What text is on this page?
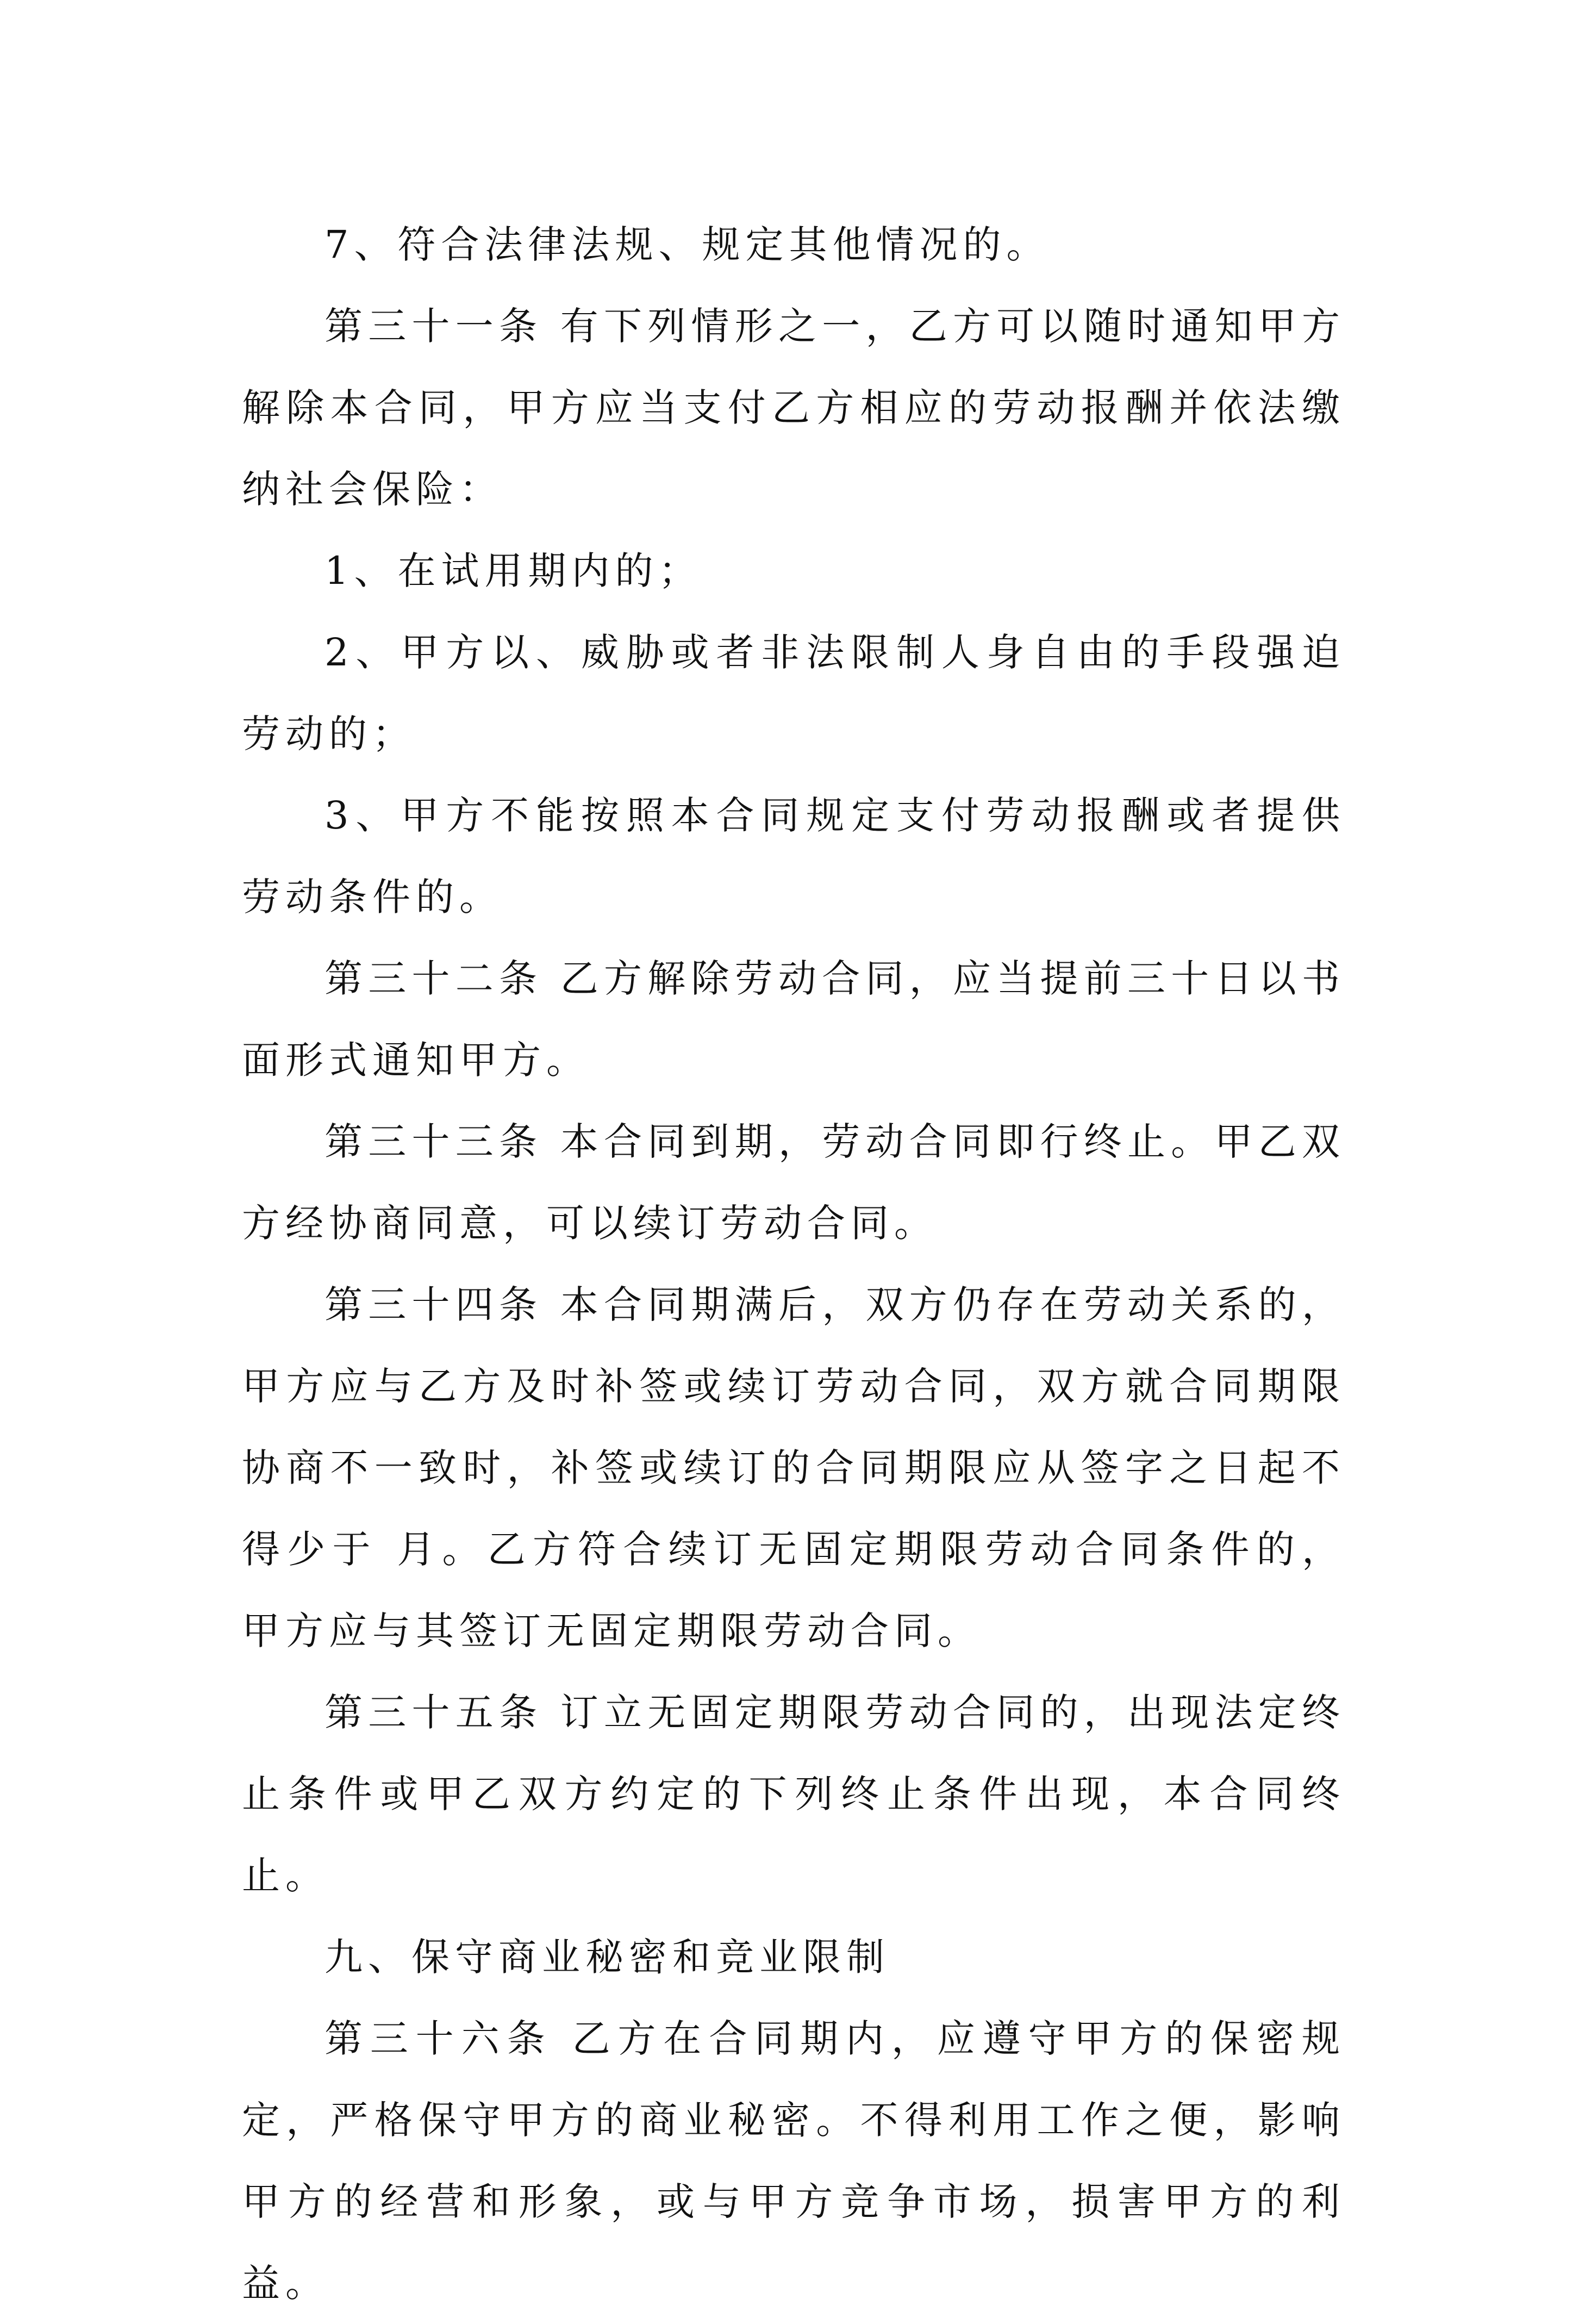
7、符合法律法规、规定其他情况的。

第三十一条 有下列情形之一，乙方可以随时通知甲方解除本合同，甲方应当支付乙方相应的劳动报酬并依法缴纳社会保险：

1、在试用期内的；

2、甲方以、威胁或者非法限制人身自由的手段强迫劳动的；

3、甲方不能按照本合同规定支付劳动报酬或者提供劳动条件的。

第三十二条 乙方解除劳动合同，应当提前三十日以书面形式通知甲方。

第三十三条 本合同到期，劳动合同即行终止。甲乙双方经协商同意，可以续订劳动合同。

第三十四条 本合同期满后，双方仍存在劳动关系的，甲方应与乙方及时补签或续订劳动合同，双方就合同期限协商不一致时，补签或续订的合同期限应从签字之日起不得少于 月。乙方符合续订无固定期限劳动合同条件的，甲方应与其签订无固定期限劳动合同。

第三十五条 订立无固定期限劳动合同的，出现法定终止条件或甲乙双方约定的下列终止条件出现，本合同终止。

九、保守商业秘密和竞业限制

第三十六条 乙方在合同期内，应遵守甲方的保密规定，严格保守甲方的商业秘密。不得利用工作之便，影响甲方的经营和形象，或与甲方竞争市场，损害甲方的利益。
